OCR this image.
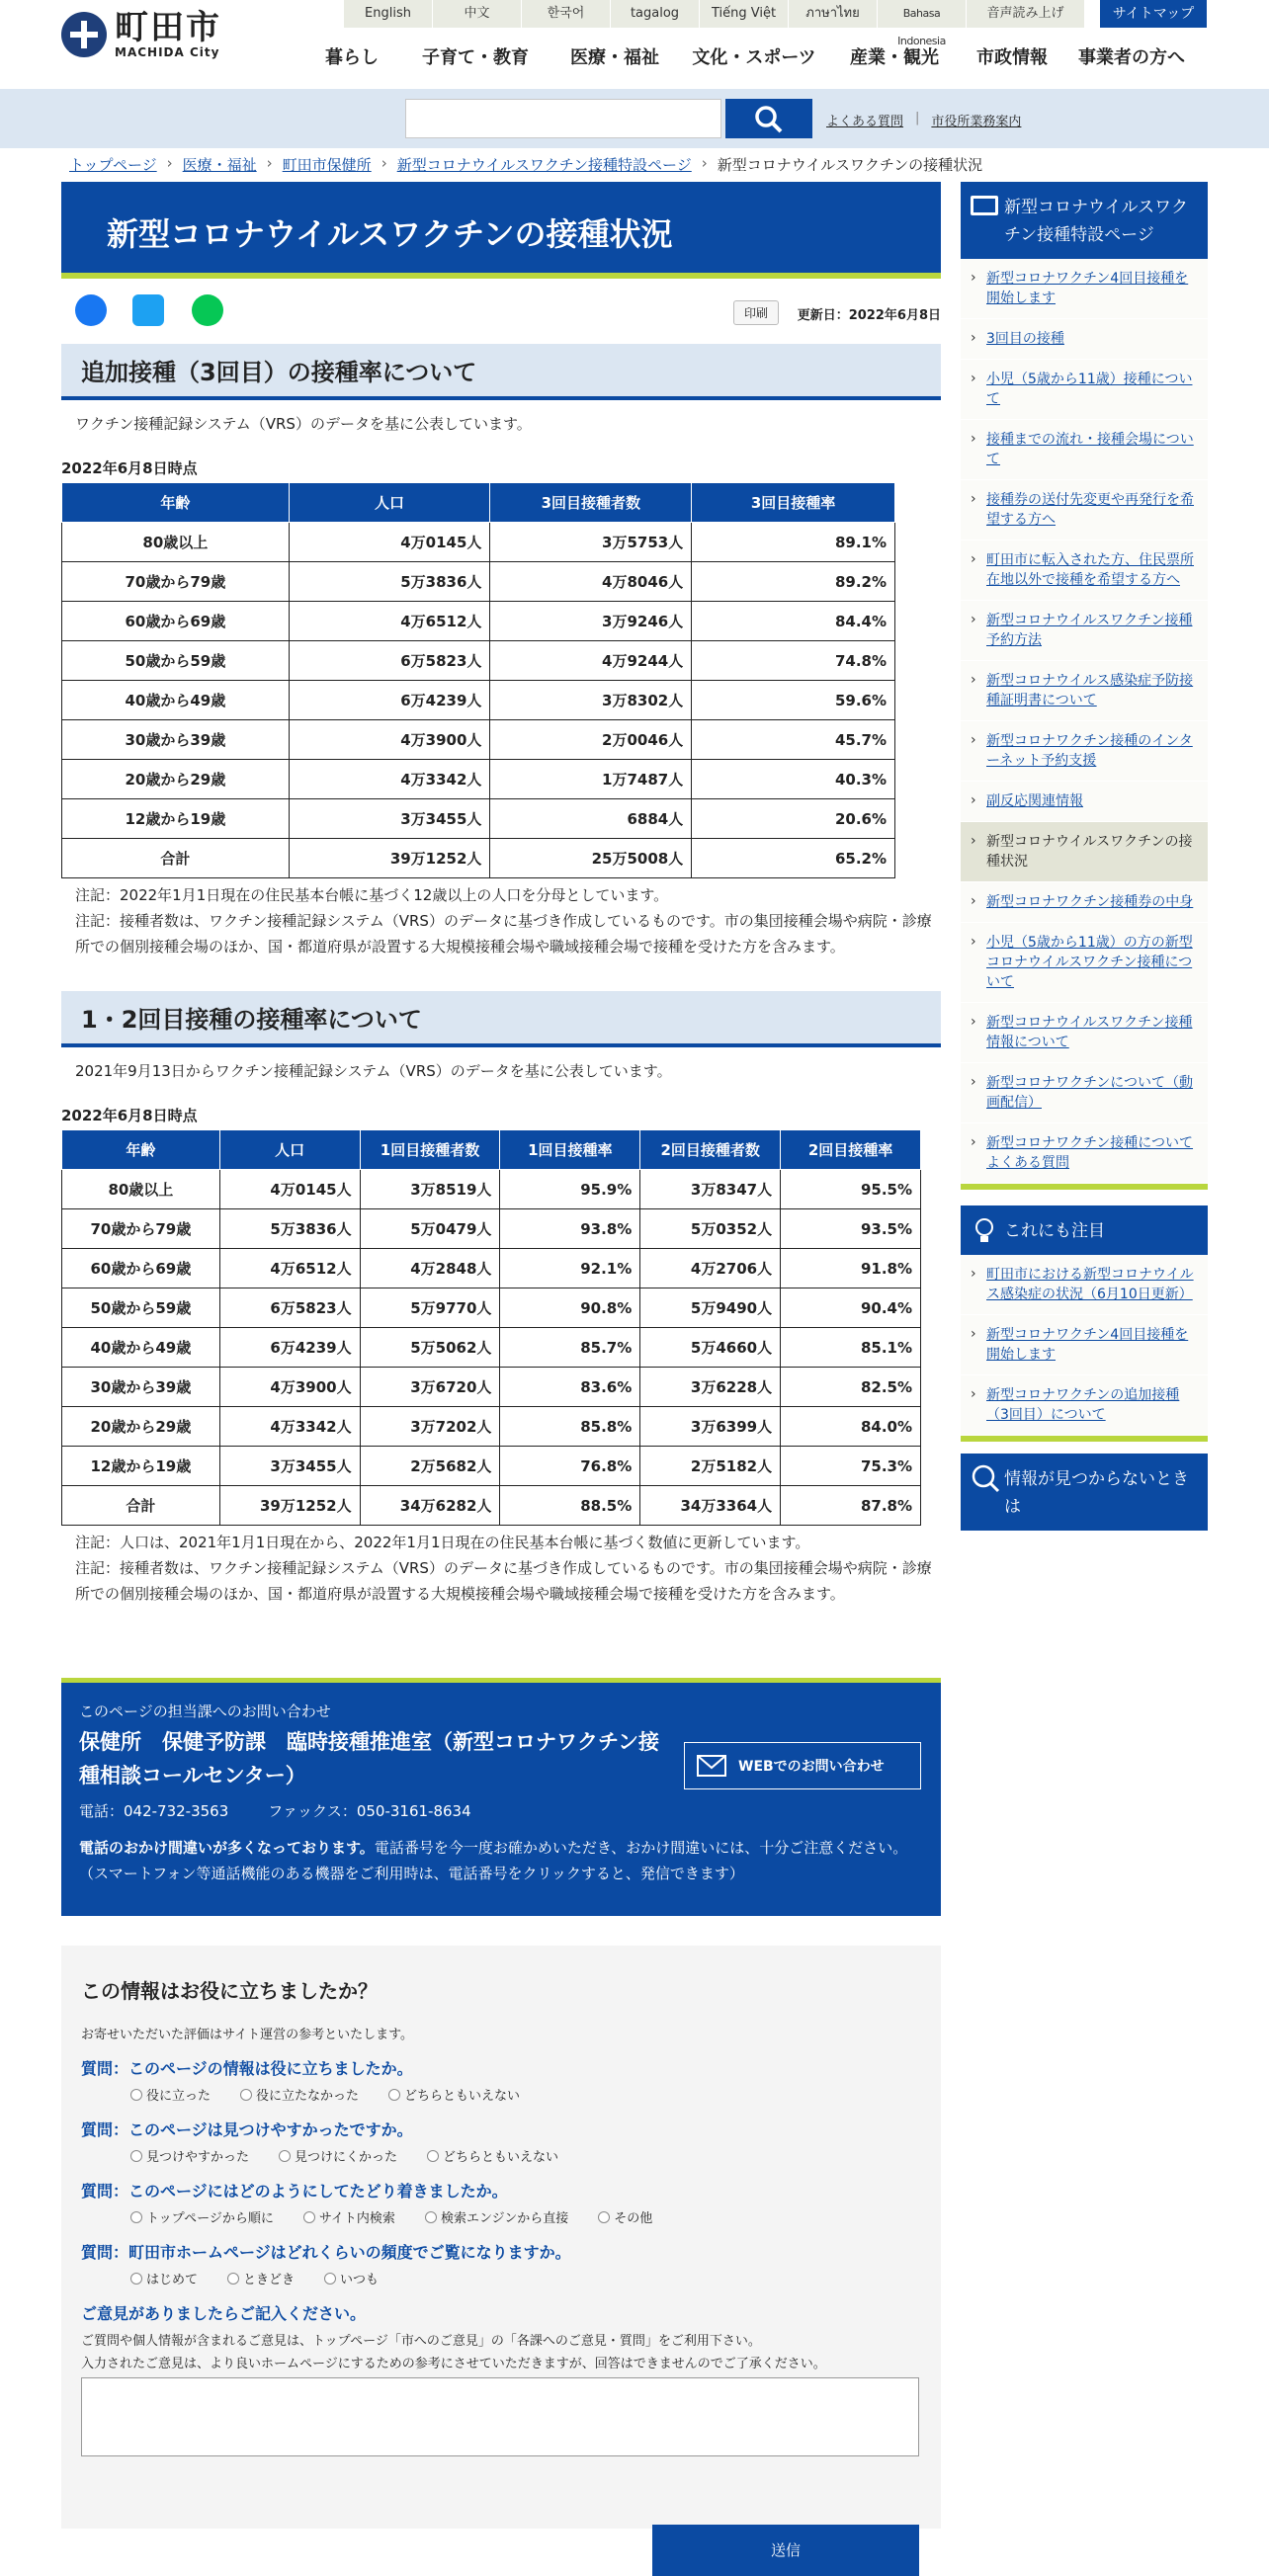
町田市
MACHIDA City
English	中文	한국어	tagalog	Tiếng Việt	ภาษาไทย	Bahasa Indonesia
音声読み上げ	サイトマップ
暮らし	子育て・教育	医療・福祉	文化・スポーツ	産業・観光	市政情報	事業者の方へ
よくある質問 | 市役所業務案内
トップページ › 医療・福祉 › 町田市保健所 › 新型コロナウイルスワクチン接種特設ページ › 新型コロナウイルスワクチンの接種状況
新型コロナウイルスワクチンの接種状況
印刷	更新日：2022年6月8日
追加接種（3回目）の接種率について
ワクチン接種記録システム（VRS）のデータを基に公表しています。
2022年6月8日時点
年齢	人口	3回目接種者数	3回目接種率
80歳以上	4万0145人	3万5753人	89.1%
70歳から79歳	5万3836人	4万8046人	89.2%
60歳から69歳	4万6512人	3万9246人	84.4%
50歳から59歳	6万5823人	4万9244人	74.8%
40歳から49歳	6万4239人	3万8302人	59.6%
30歳から39歳	4万3900人	2万0046人	45.7%
20歳から29歳	4万3342人	1万7487人	40.3%
12歳から19歳	3万3455人	6884人	20.6%
合計	39万1252人	25万5008人	65.2%
注記：2022年1月1日現在の住民基本台帳に基づく12歳以上の人口を分母としています。
注記：接種者数は、ワクチン接種記録システム（VRS）のデータに基づき作成しているものです。市の集団接種会場や病院・診療所での個別接種会場のほか、国・都道府県が設置する大規模接種会場や職域接種会場で接種を受けた方を含みます。
1・2回目接種の接種率について
2021年9月13日からワクチン接種記録システム（VRS）のデータを基に公表しています。
2022年6月8日時点
年齢	人口	1回目接種者数	1回目接種率	2回目接種者数	2回目接種率
80歳以上	4万0145人	3万8519人	95.9%	3万8347人	95.5%
70歳から79歳	5万3836人	5万0479人	93.8%	5万0352人	93.5%
60歳から69歳	4万6512人	4万2848人	92.1%	4万2706人	91.8%
50歳から59歳	6万5823人	5万9770人	90.8%	5万9490人	90.4%
40歳から49歳	6万4239人	5万5062人	85.7%	5万4660人	85.1%
30歳から39歳	4万3900人	3万6720人	83.6%	3万6228人	82.5%
20歳から29歳	4万3342人	3万7202人	85.8%	3万6399人	84.0%
12歳から19歳	3万3455人	2万5682人	76.8%	2万5182人	75.3%
合計	39万1252人	34万6282人	88.5%	34万3364人	87.8%
注記：人口は、2021年1月1日現在から、2022年1月1日現在の住民基本台帳に基づく数値に更新しています。
注記：接種者数は、ワクチン接種記録システム（VRS）のデータに基づき作成しているものです。市の集団接種会場や病院・診療所での個別接種会場のほか、国・都道府県が設置する大規模接種会場や職域接種会場で接種を受けた方を含みます。
このページの担当課へのお問い合わせ
保健所　保健予防課　臨時接種推進室（新型コロナワクチン接種相談コールセンター）
電話：042-732-3563	ファックス：050-3161-8634
電話のおかけ間違いが多くなっております。電話番号を今一度お確かめいただき、おかけ間違いには、十分ご注意ください。（スマートフォン等通話機能のある機器をご利用時は、電話番号をクリックすると、発信できます）
WEBでのお問い合わせ
この情報はお役に立ちましたか？
お寄せいただいた評価はサイト運営の参考といたします。
質問：このページの情報は役に立ちましたか。
役に立った	役に立たなかった	どちらともいえない
質問：このページは見つけやすかったですか。
見つけやすかった	見つけにくかった	どちらともいえない
質問：このページにはどのようにしてたどり着きましたか。
トップページから順に	サイト内検索	検索エンジンから直接	その他
質問：町田市ホームページはどれくらいの頻度でご覧になりますか。
はじめて	ときどき	いつも
ご意見がありましたらご記入ください。
ご質問や個人情報が含まれるご意見は、トップページ「市へのご意見」の「各課へのご意見・質問」をご利用下さい。
入力されたご意見は、より良いホームページにするための参考にさせていただきますが、回答はできませんのでご了承ください。
送信
新型コロナウイルスワクチン接種特設ページ
› 新型コロナワクチン4回目接種を開始します
› 3回目の接種
› 小児（5歳から11歳）接種について
› 接種までの流れ・接種会場について
› 接種券の送付先変更や再発行を希望する方へ
› 町田市に転入された方、住民票所在地以外で接種を希望する方へ
› 新型コロナウイルスワクチン接種予約方法
› 新型コロナウイルス感染症予防接種証明書について
› 新型コロナワクチン接種のインターネット予約支援
› 副反応関連情報
› 新型コロナウイルスワクチンの接種状況
› 新型コロナワクチン接種券の中身
› 小児（5歳から11歳）の方の新型コロナウイルスワクチン接種について
› 新型コロナウイルスワクチン接種情報について
› 新型コロナワクチンについて（動画配信）
› 新型コロナワクチン接種についてよくある質問
これにも注目
› 町田市における新型コロナウイルス感染症の状況（6月10日更新）
› 新型コロナワクチン4回目接種を開始します
› 新型コロナワクチンの追加接種（3回目）について
情報が見つからないときは
